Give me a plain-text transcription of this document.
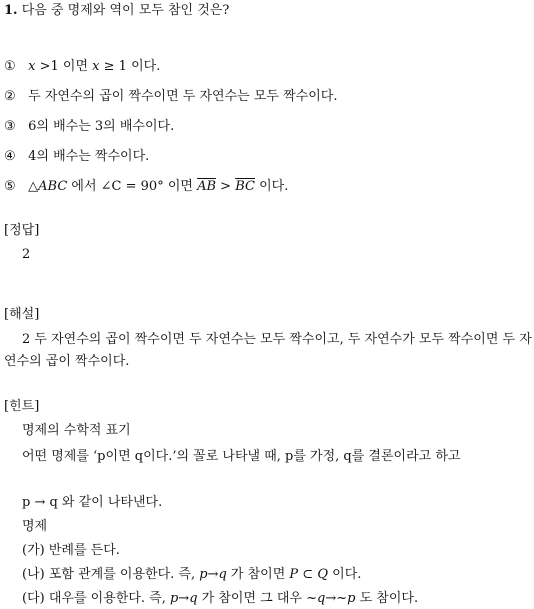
1. 다음 중 명제와 역이 모두 참인 것은?
① x >1 이면 x ≥ 1 이다.
② 두 자연수의 곱이 짝수이면 두 자연수는 모두 짝수이다.
③ 6의 배수는 3의 배수이다.
④ 4의 배수는 짝수이다.
⑤ △ABC 에서 ∠C = 90° 이면 $\overline{AB} > \overline{BC}$ 이다.
[정답]
2
[해설]
2 두 자연수의 곱이 짝수이면 두 자연수는 모두 짝수이고, 두 자연수가 모두 짝수이면 두 자연수의 곱이 짝수이다.
[힌트]
명제의 수학적 표기
어떤 명제를 ‘p이면 q이다.’의 꼴로 나타낼 때, p를 가정, q를 결론이라고 하고
p → q 와 같이 나타낸다.
명제
(가) 반례를 든다.
(나) 포함 관계를 이용한다. 즉, p→q 가 참이면 P ⊂ Q 이다.
(다) 대우를 이용한다. 즉, p→q 가 참이면 그 대우 ~q→~p 도 참이다.
